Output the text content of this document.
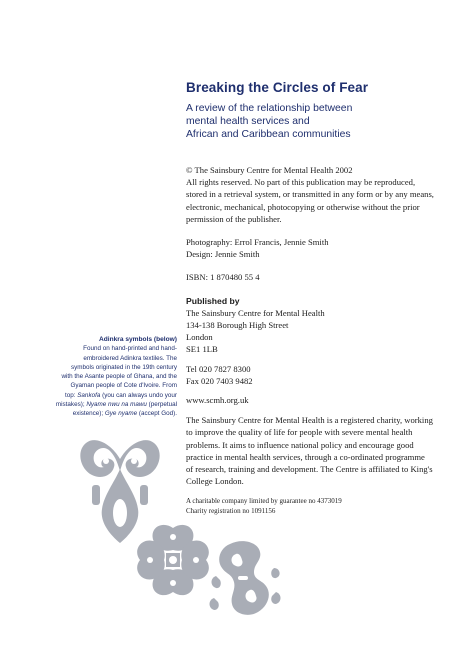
Breaking the Circles of Fear
A review of the relationship between
mental health services and
African and Caribbean communities
© The Sainsbury Centre for Mental Health 2002
All rights reserved. No part of this publication may be reproduced,
stored in a retrieval system, or transmitted in any form or by any means,
electronic, mechanical, photocopying or otherwise without the prior
permission of the publisher.
Photography: Errol Francis, Jennie Smith
Design: Jennie Smith
ISBN: 1 870480 55 4
Published by
The Sainsbury Centre for Mental Health
134-138 Borough High Street
London
SE1 1LB
Tel 020 7827 8300
Fax 020 7403 9482
www.scmh.org.uk
The Sainsbury Centre for Mental Health is a registered charity, working
to improve the quality of life for people with severe mental health
problems. It aims to influence national policy and encourage good
practice in mental health services, through a co-ordinated programme
of research, training and development. The Centre is affiliated to King's
College London.
A charitable company limited by guarantee no 4373019
Charity registration no 1091156
Adinkra symbols (below)
Found on hand-printed and hand-
embroidered Adinkra textiles. The
symbols originated in the 19th century
with the Asante people of Ghana, and the
Gyaman people of Cote d'Ivoire. From
top: Sankofa (you can always undo your
mistakes); Nyame nwu na mawu (perpetual
existence); Gye nyame (accept God).
